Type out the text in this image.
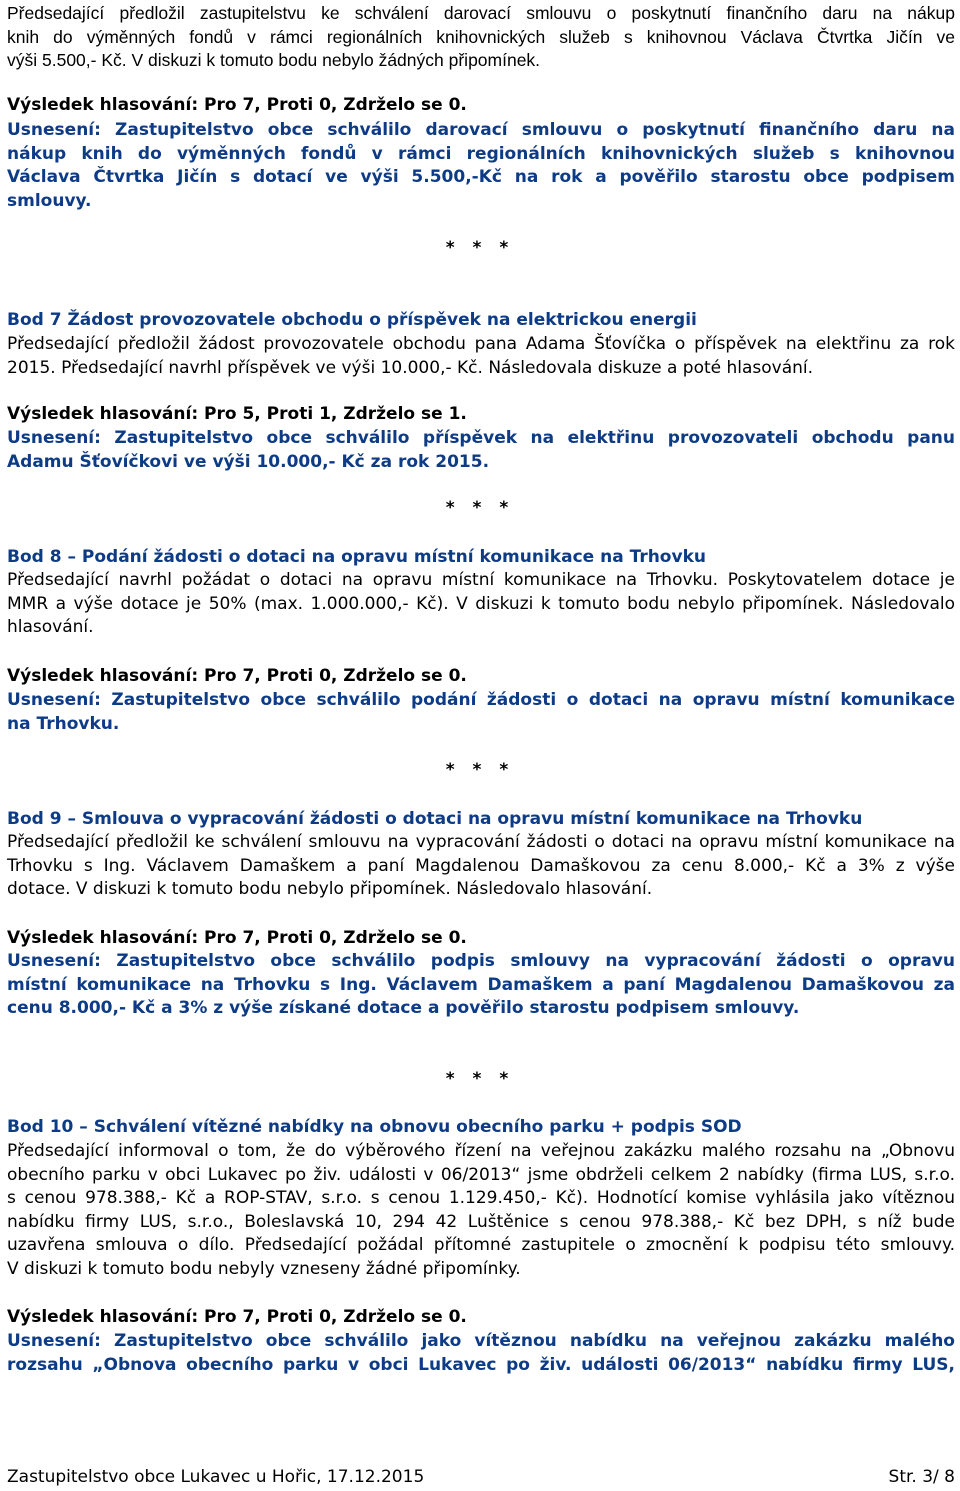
Předsedající předložil zastupitelstvu ke schválení darovací smlouvu o poskytnutí finančního daru na nákup
knih do výměnných fondů v rámci regionálních knihovnických služeb s knihovnou Václava Čtvrtka Jičín ve
výši 5.500,- Kč. V diskuzi k tomuto bodu nebylo žádných připomínek.
Výsledek hlasování: Pro 7, Proti 0, Zdrželo se 0.
Usnesení: Zastupitelstvo obce schválilo darovací smlouvu o poskytnutí finančního daru na
nákup knih do výměnných fondů v rámci regionálních knihovnických služeb s knihovnou
Václava Čtvrtka Jičín s dotací ve výši 5.500,-Kč na rok a pověřilo starostu obce podpisem
smlouvy.
* * *
Bod 7 Žádost provozovatele obchodu o příspěvek na elektrickou energii
Předsedající předložil žádost provozovatele obchodu pana Adama Šťovíčka o příspěvek na elektřinu za rok
2015. Předsedající navrhl příspěvek ve výši 10.000,- Kč. Následovala diskuze a poté hlasování.
Výsledek hlasování: Pro 5, Proti 1, Zdrželo se 1.
Usnesení: Zastupitelstvo obce schválilo příspěvek na elektřinu provozovateli obchodu panu
Adamu Šťovíčkovi ve výši 10.000,- Kč za rok 2015.
* * *
Bod 8 – Podání žádosti o dotaci na opravu místní komunikace na Trhovku
Předsedající navrhl požádat o dotaci na opravu místní komunikace na Trhovku. Poskytovatelem dotace je
MMR a výše dotace je 50% (max. 1.000.000,- Kč). V diskuzi k tomuto bodu nebylo připomínek. Následovalo
hlasování.
Výsledek hlasování: Pro 7, Proti 0, Zdrželo se 0.
Usnesení: Zastupitelstvo obce schválilo podání žádosti o dotaci na opravu místní komunikace
na Trhovku.
* * *
Bod 9 – Smlouva o vypracování žádosti o dotaci na opravu místní komunikace na Trhovku
Předsedající předložil ke schválení smlouvu na vypracování žádosti o dotaci na opravu místní komunikace na
Trhovku s Ing. Václavem Damaškem a paní Magdalenou Damaškovou za cenu 8.000,- Kč a 3% z výše
dotace. V diskuzi k tomuto bodu nebylo připomínek. Následovalo hlasování.
Výsledek hlasování: Pro 7, Proti 0, Zdrželo se 0.
Usnesení: Zastupitelstvo obce schválilo podpis smlouvy na vypracování žádosti o opravu
místní komunikace na Trhovku s Ing. Václavem Damaškem a paní Magdalenou Damaškovou za
cenu 8.000,- Kč a 3% z výše získané dotace a pověřilo starostu podpisem smlouvy.
* * *
Bod 10 – Schválení vítězné nabídky na obnovu obecního parku + podpis SOD
Předsedající informoval o tom, že do výběrového řízení na veřejnou zakázku malého rozsahu na „Obnovu
obecního parku v obci Lukavec po živ. události v 06/2013“ jsme obdrželi celkem 2 nabídky (firma LUS, s.r.o.
s cenou 978.388,- Kč a ROP-STAV, s.r.o. s cenou 1.129.450,- Kč). Hodnotící komise vyhlásila jako vítěznou
nabídku firmy LUS, s.r.o., Boleslavská 10, 294 42 Luštěnice s cenou 978.388,- Kč bez DPH, s níž bude
uzavřena smlouva o dílo. Předsedající požádal přítomné zastupitele o zmocnění k podpisu této smlouvy.
V diskuzi k tomuto bodu nebyly vzneseny žádné připomínky.
Výsledek hlasování: Pro 7, Proti 0, Zdrželo se 0.
Usnesení: Zastupitelstvo obce schválilo jako vítěznou nabídku na veřejnou zakázku malého
rozsahu „Obnova obecního parku v obci Lukavec po živ. události 06/2013“ nabídku firmy LUS,
Zastupitelstvo obce Lukavec u Hořic, 17.12.2015	Str. 3/ 8
